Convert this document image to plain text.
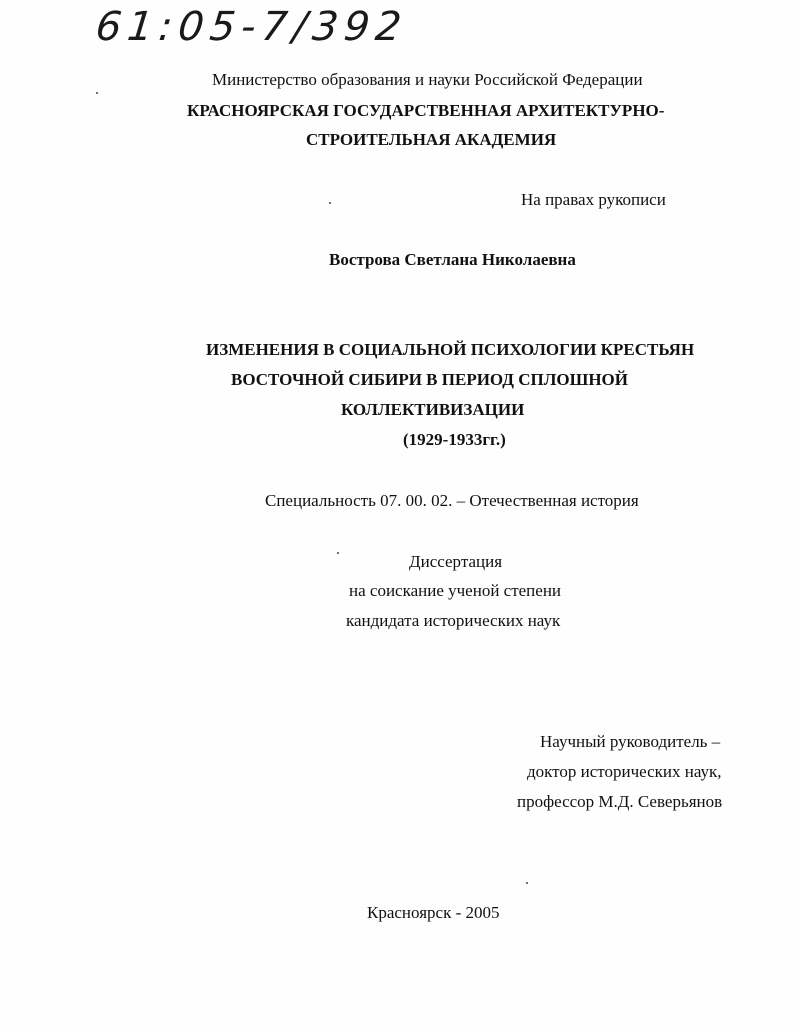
61:05-7/392
Министерство образования и науки Российской Федерации
КРАСНОЯРСКАЯ ГОСУДАРСТВЕННАЯ АРХИТЕКТУРНО-
СТРОИТЕЛЬНАЯ АКАДЕМИЯ
На правах рукописи
Вострова Светлана Николаевна
ИЗМЕНЕНИЯ В СОЦИАЛЬНОЙ ПСИХОЛОГИИ КРЕСТЬЯН
ВОСТОЧНОЙ СИБИРИ В ПЕРИОД СПЛОШНОЙ
КОЛЛЕКТИВИЗАЦИИ
(1929-1933гг.)
Специальность 07. 00. 02. – Отечественная история
Диссертация
на соискание ученой степени
кандидата исторических наук
Научный руководитель –
доктор исторических наук,
профессор М.Д. Северьянов
Красноярск - 2005
